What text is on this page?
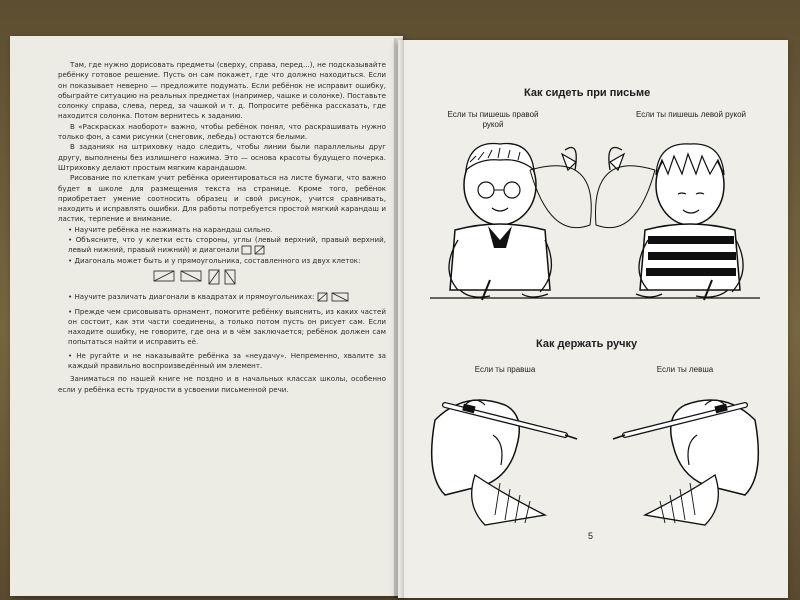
Там, где нужно дорисовать предметы (сверху, справа, перед...), не подсказывайте ребёнку готовое решение. Пусть он сам покажет, где что должно находиться. Если он показывает неверно — предложите подумать. Если ребёнок не исправит ошибку, обыграйте ситуацию на реальных предметах (например, чашке и солонке). Поставьте солонку справа, слева, перед, за чашкой и т. д. Попросите ребёнка рассказать, где находится солонка. Потом вернитесь к заданию.

В «Раскрасках наоборот» важно, чтобы ребёнок понял, что раскрашивать нужно только фон, а сами рисунки (снеговик, лебедь) остаются белыми.

В заданиях на штриховку надо следить, чтобы линии были параллельны друг другу, выполнены без излишнего нажима. Это — основа красоты будущего почерка. Штриховку делают простым мягким карандашом.

Рисование по клеткам учит ребёнка ориентироваться на листе бумаги, что важно будет в школе для размещения текста на странице. Кроме того, ребёнок приобретает умение соотносить образец и свой рисунок, учится сравнивать, находить и исправлять ошибки. Для работы потребуется простой мягкий карандаш и ластик, терпение и внимание.

• Научите ребёнка не нажимать на карандаш сильно.
• Объясните, что у клетки есть стороны, углы (левый верхний, правый верхний, левый нижний, правый нижний) и диагонали
• Диагональ может быть и у прямоугольника, составленного из двух клеток:
• Научите различать диагонали в квадратах и прямоугольниках:
• Прежде чем срисовывать орнамент, помогите ребёнку выяснить, из каких частей он состоит, как эти части соединены, а только потом пусть он рисует сам. Если находите ошибку, не говорите, где она и в чём заключается; ребёнок должен сам попытаться найти и исправить её.
• Не ругайте и не наказывайте ребёнка за «неудачу». Непременно, хвалите за каждый правильно воспроизведённый им элемент.

Заниматься по нашей книге не поздно и в начальных классах школы, особенно если у ребёнка есть трудности в усвоении письменной речи.

Как сидеть при письме
Если ты пишешь правой рукой
Если ты пишешь левой рукой
Как держать ручку
Если ты правша	Если ты левша
5
